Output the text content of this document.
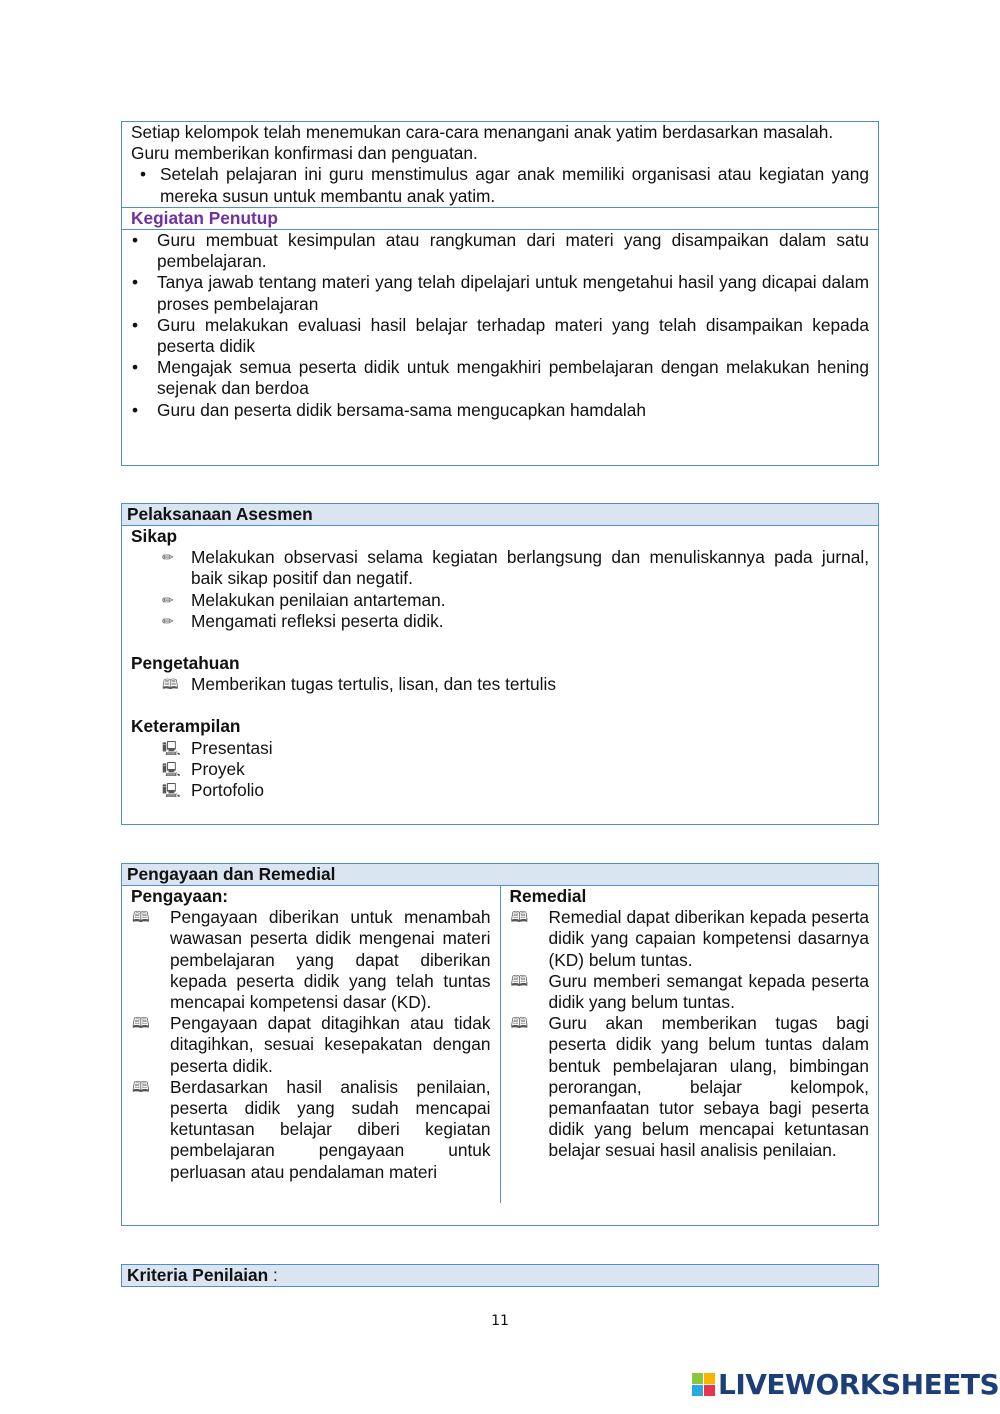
Setiap kelompok telah menemukan cara-cara menangani anak yatim berdasarkan masalah.
Guru memberikan konfirmasi dan penguatan.
• Setelah pelajaran ini guru menstimulus agar anak memiliki organisasi atau kegiatan yang mereka susun untuk membantu anak yatim.
Kegiatan Penutup
• Guru membuat kesimpulan atau rangkuman dari materi yang disampaikan dalam satu pembelajaran.
• Tanya jawab tentang materi yang telah dipelajari untuk mengetahui hasil yang dicapai dalam proses pembelajaran
• Guru melakukan evaluasi hasil belajar terhadap materi yang telah disampaikan kepada peserta didik
• Mengajak semua peserta didik untuk mengakhiri pembelajaran dengan melakukan hening sejenak dan berdoa
• Guru dan peserta didik bersama-sama mengucapkan hamdalah
Pelaksanaan Asesmen
Sikap
✏ Melakukan observasi selama kegiatan berlangsung dan menuliskannya pada jurnal, baik sikap positif dan negatif.
✏ Melakukan penilaian antarteman.
✏ Mengamati refleksi peserta didik.
Pengetahuan
🕮 Memberikan tugas tertulis, lisan, dan tes tertulis
Keterampilan
🖳 Presentasi
🖳 Proyek
🖳 Portofolio
Pengayaan dan Remedial
Pengayaan:
🕮 Pengayaan diberikan untuk menambah wawasan peserta didik mengenai materi pembelajaran yang dapat diberikan kepada peserta didik yang telah tuntas mencapai kompetensi dasar (KD).
🕮 Pengayaan dapat ditagihkan atau tidak ditagihkan, sesuai kesepakatan dengan peserta didik.
🕮 Berdasarkan hasil analisis penilaian, peserta didik yang sudah mencapai ketuntasan belajar diberi kegiatan pembelajaran pengayaan untuk perluasan atau pendalaman materi
Remedial
🕮 Remedial dapat diberikan kepada peserta didik yang capaian kompetensi dasarnya (KD) belum tuntas.
🕮 Guru memberi semangat kepada peserta didik yang belum tuntas.
🕮 Guru akan memberikan tugas bagi peserta didik yang belum tuntas dalam bentuk pembelajaran ulang, bimbingan perorangan, belajar kelompok, pemanfaatan tutor sebaya bagi peserta didik yang belum mencapai ketuntasan belajar sesuai hasil analisis penilaian.
Kriteria Penilaian :
11
LIVEWORKSHEETS
